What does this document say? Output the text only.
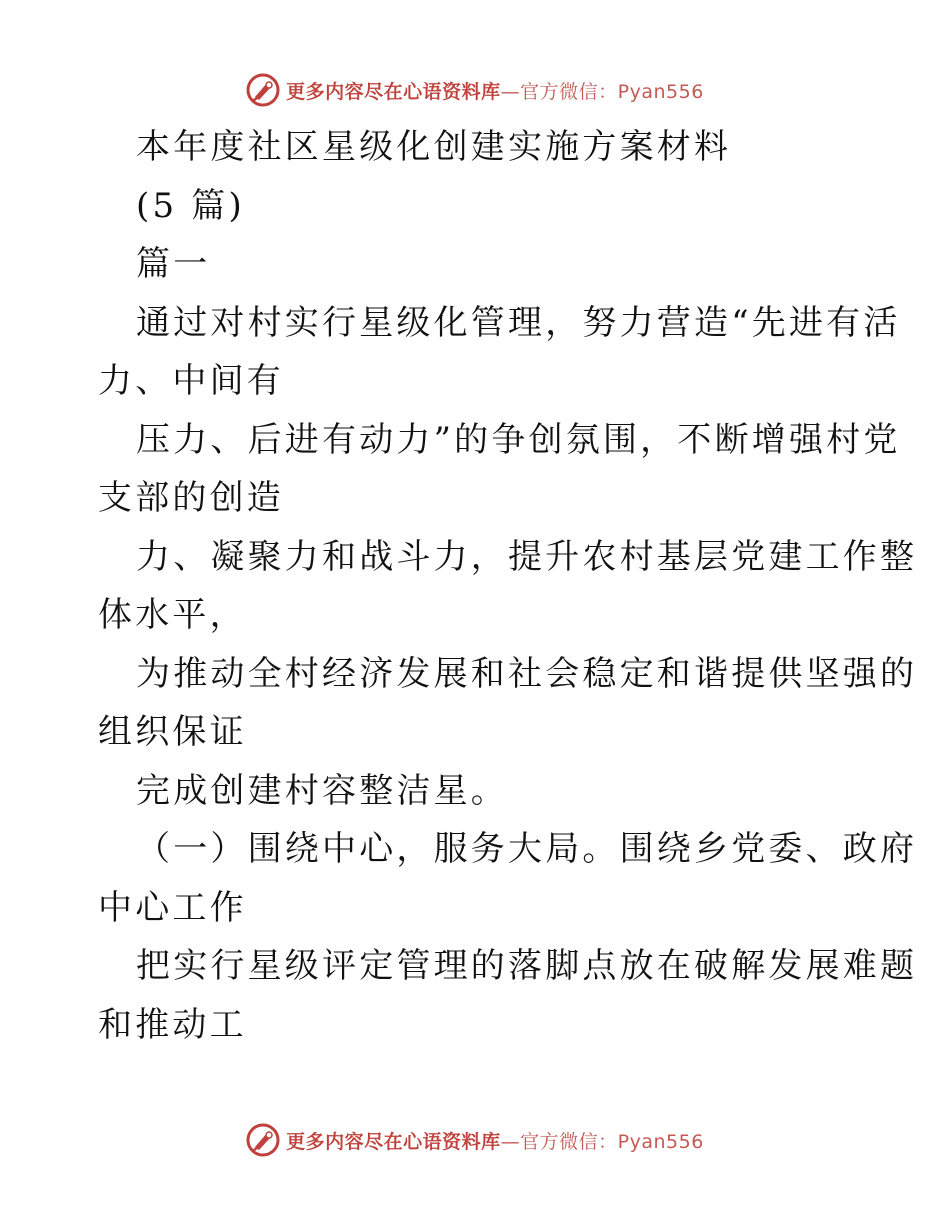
更多内容尽在心语资料库—官方微信：Pyan556
本年度社区星级化创建实施方案材料
(5 篇)
篇一
通过对村实行星级化管理，努力营造“先进有活
力、中间有
压力、后进有动力”的争创氛围，不断增强村党
支部的创造
力、凝聚力和战斗力，提升农村基层党建工作整
体水平，
为推动全村经济发展和社会稳定和谐提供坚强的
组织保证
完成创建村容整洁星。
（一）围绕中心，服务大局。围绕乡党委、政府
中心工作
把实行星级评定管理的落脚点放在破解发展难题
和推动工
更多内容尽在心语资料库—官方微信：Pyan556
